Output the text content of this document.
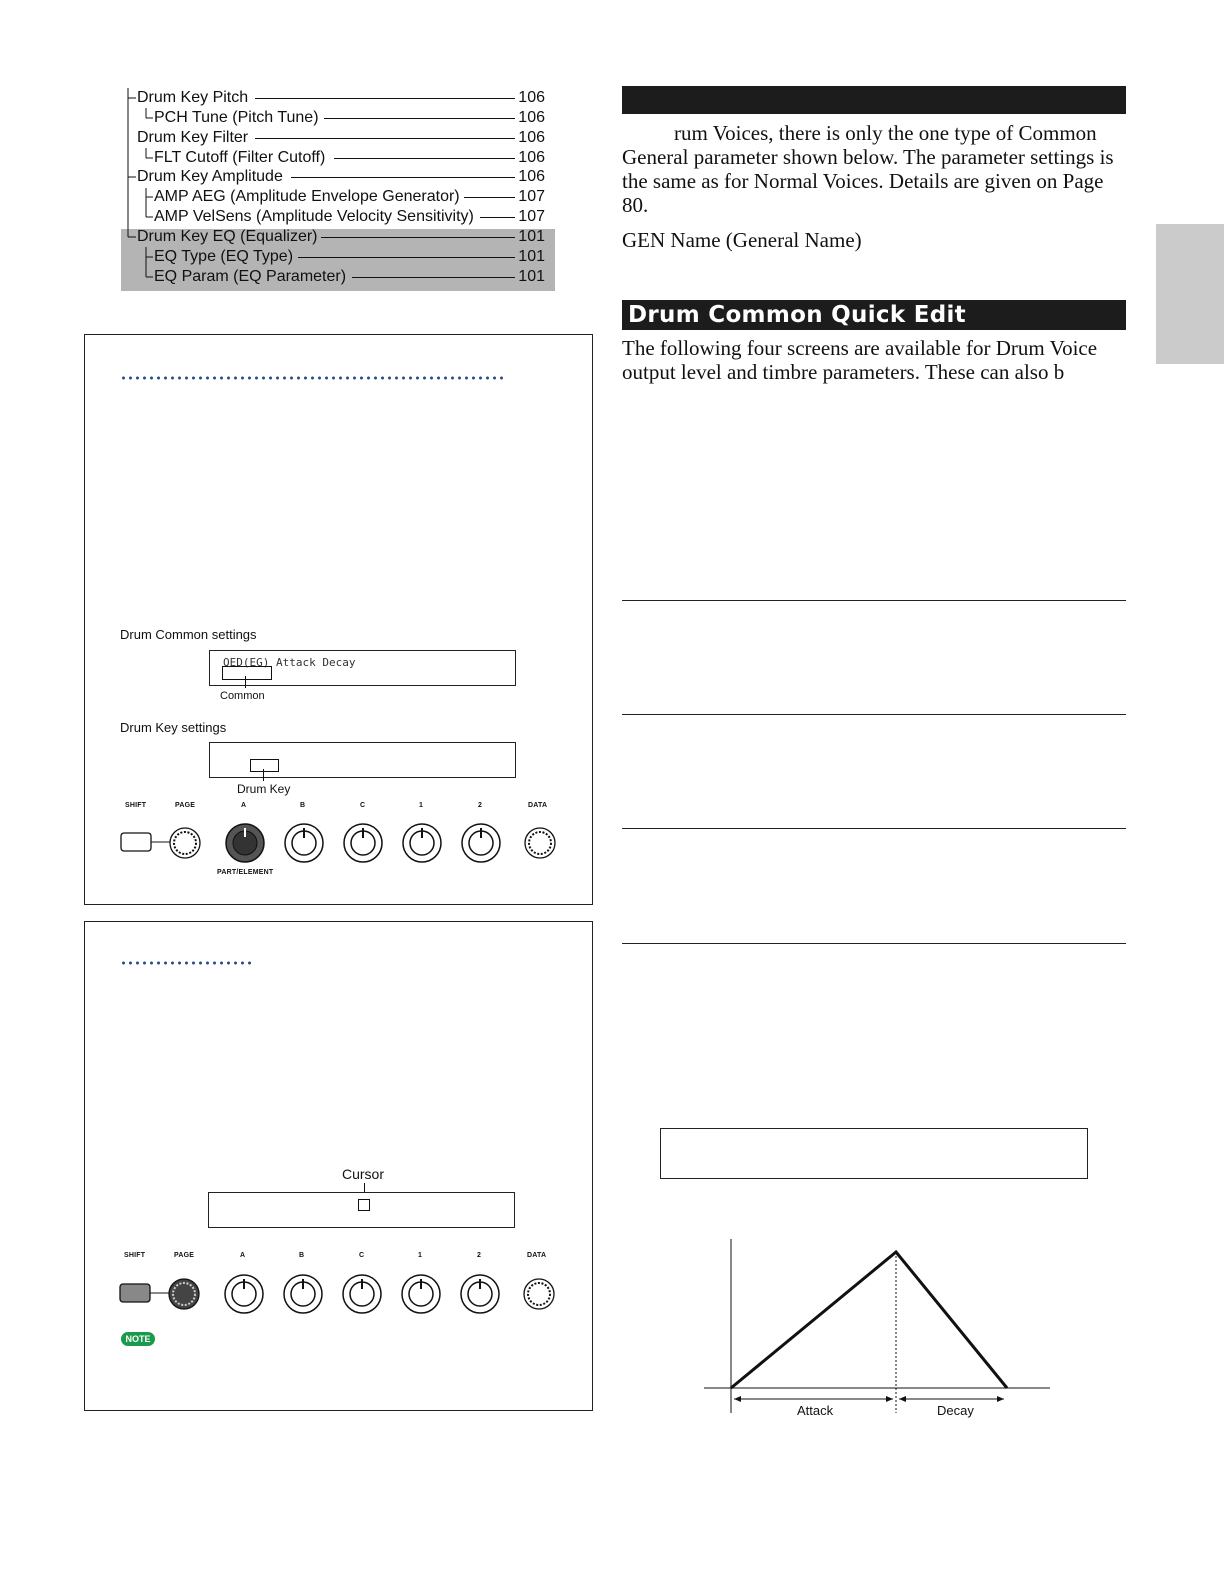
Drum Key Pitch	106
PCH Tune (Pitch Tune)	106
Drum Key Filter	106
FLT Cutoff (Filter Cutoff)	106
Drum Key Amplitude	106
AMP AEG (Amplitude Envelope Generator)	107
AMP VelSens (Amplitude Velocity Sensitivity)	107
Drum Key EQ (Equalizer)	101
EQ Type (EQ Type)	101
EQ Param (EQ Parameter)	101
rum Voices, there is only the one type of Common General parameter shown below. The parameter settings is the same as for Normal Voices. Details are given on Page 80.
GEN Name (General Name)
Drum Common Quick Edit
The following four screens are available for Drum Voice output level and timbre parameters. These can also b
Attack	Decay
Drum Common settings
QED(EG) Attack Decay
Common
Drum Key settings
Drum Key
SHIFT	PAGE	A	B	C	1	2	DATA
PART/ELEMENT
Cursor
SHIFT	PAGE	A	B	C	1	2	DATA
NOTE
